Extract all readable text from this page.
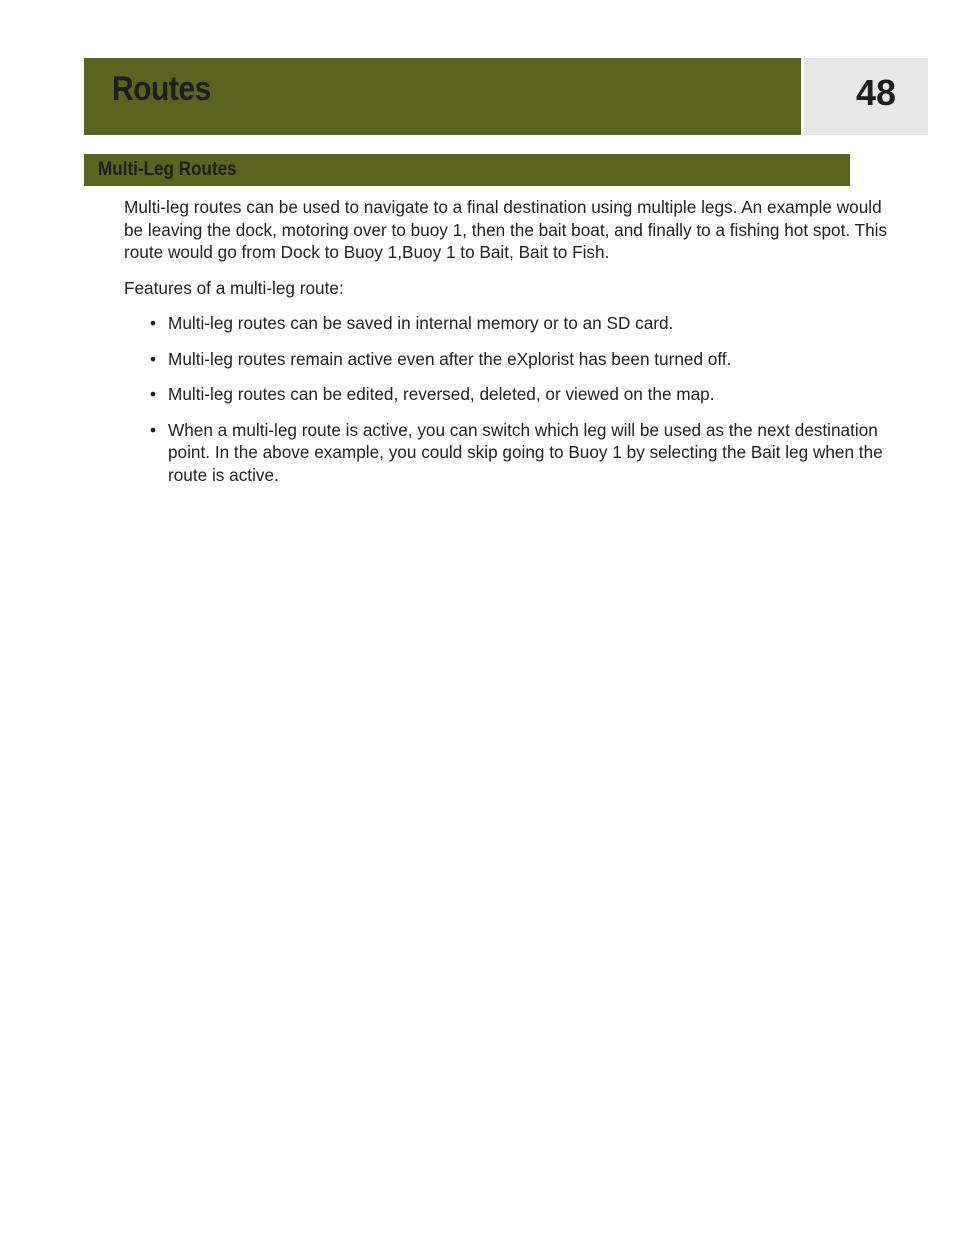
Routes	48
Multi-Leg Routes

Multi-leg routes can be used to navigate to a final destination using multiple legs. An example would be leaving the dock, motoring over to buoy 1, then the bait boat, and finally to a fishing hot spot. This route would go from Dock to Buoy 1,Buoy 1 to Bait, Bait to Fish.

Features of a multi-leg route:

• Multi-leg routes can be saved in internal memory or to an SD card.
• Multi-leg routes remain active even after the eXplorist has been turned off.
• Multi-leg routes can be edited, reversed, deleted, or viewed on the map.
• When a multi-leg route is active, you can switch which leg will be used as the next destination point. In the above example, you could skip going to Buoy 1 by selecting the Bait leg when the route is active.
